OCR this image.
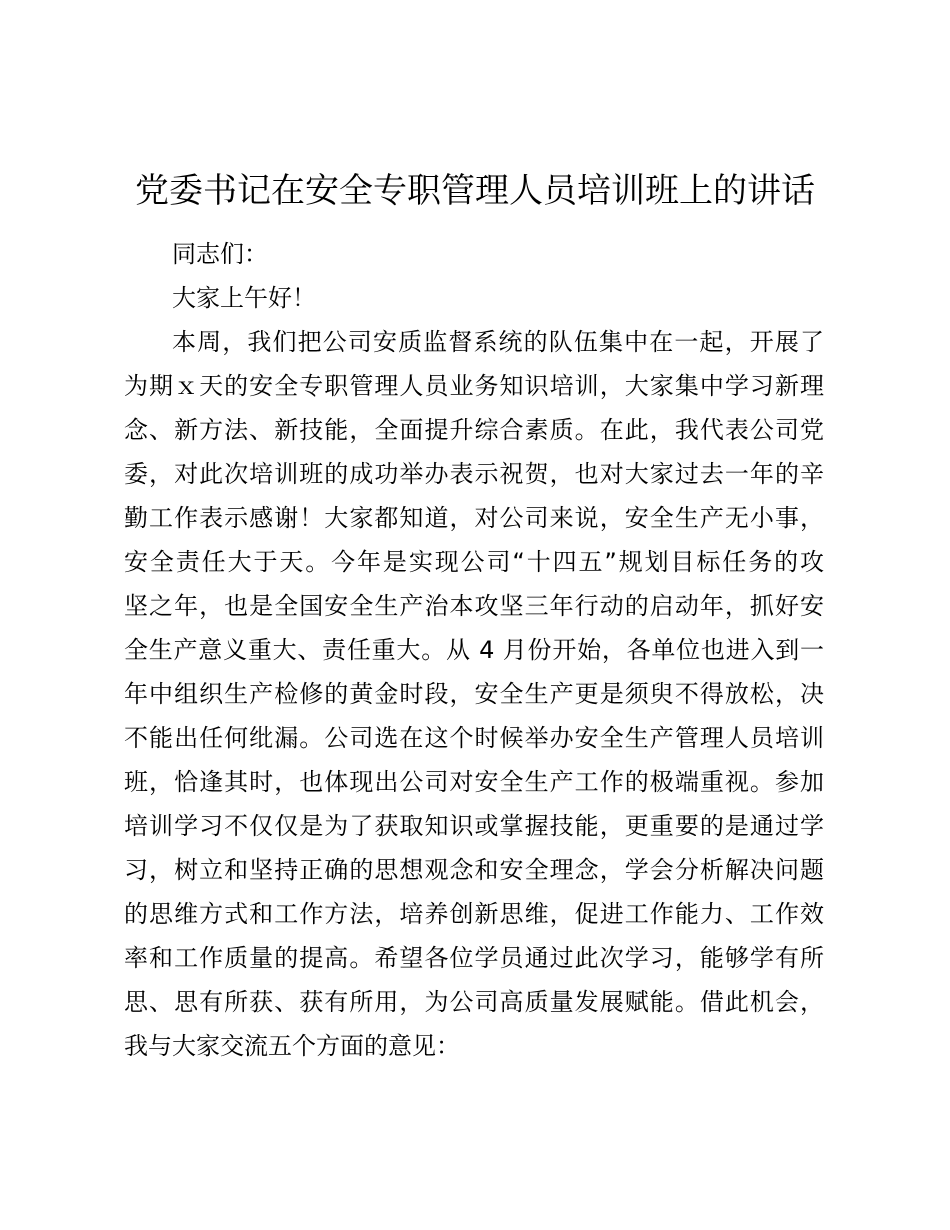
党委书记在安全专职管理人员培训班上的讲话

同志们：

大家上午好！

本周，我们把公司安质监督系统的队伍集中在一起，开展了

为期ｘ天的安全专职管理人员业务知识培训，大家集中学习新理

念、新方法、新技能，全面提升综合素质。在此，我代表公司党

委，对此次培训班的成功举办表示祝贺，也对大家过去一年的辛

勤工作表示感谢！大家都知道，对公司来说，安全生产无小事，

安全责任大于天。今年是实现公司“十四五”规划目标任务的攻

坚之年，也是全国安全生产治本攻坚三年行动的启动年，抓好安

全生产意义重大、责任重大。从 4 月份开始，各单位也进入到一

年中组织生产检修的黄金时段，安全生产更是须臾不得放松，决

不能出任何纰漏。公司选在这个时候举办安全生产管理人员培训

班，恰逢其时，也体现出公司对安全生产工作的极端重视。参加

培训学习不仅仅是为了获取知识或掌握技能，更重要的是通过学

习，树立和坚持正确的思想观念和安全理念，学会分析解决问题

的思维方式和工作方法，培养创新思维，促进工作能力、工作效

率和工作质量的提高。希望各位学员通过此次学习，能够学有所

思、思有所获、获有所用，为公司高质量发展赋能。借此机会，

我与大家交流五个方面的意见：
